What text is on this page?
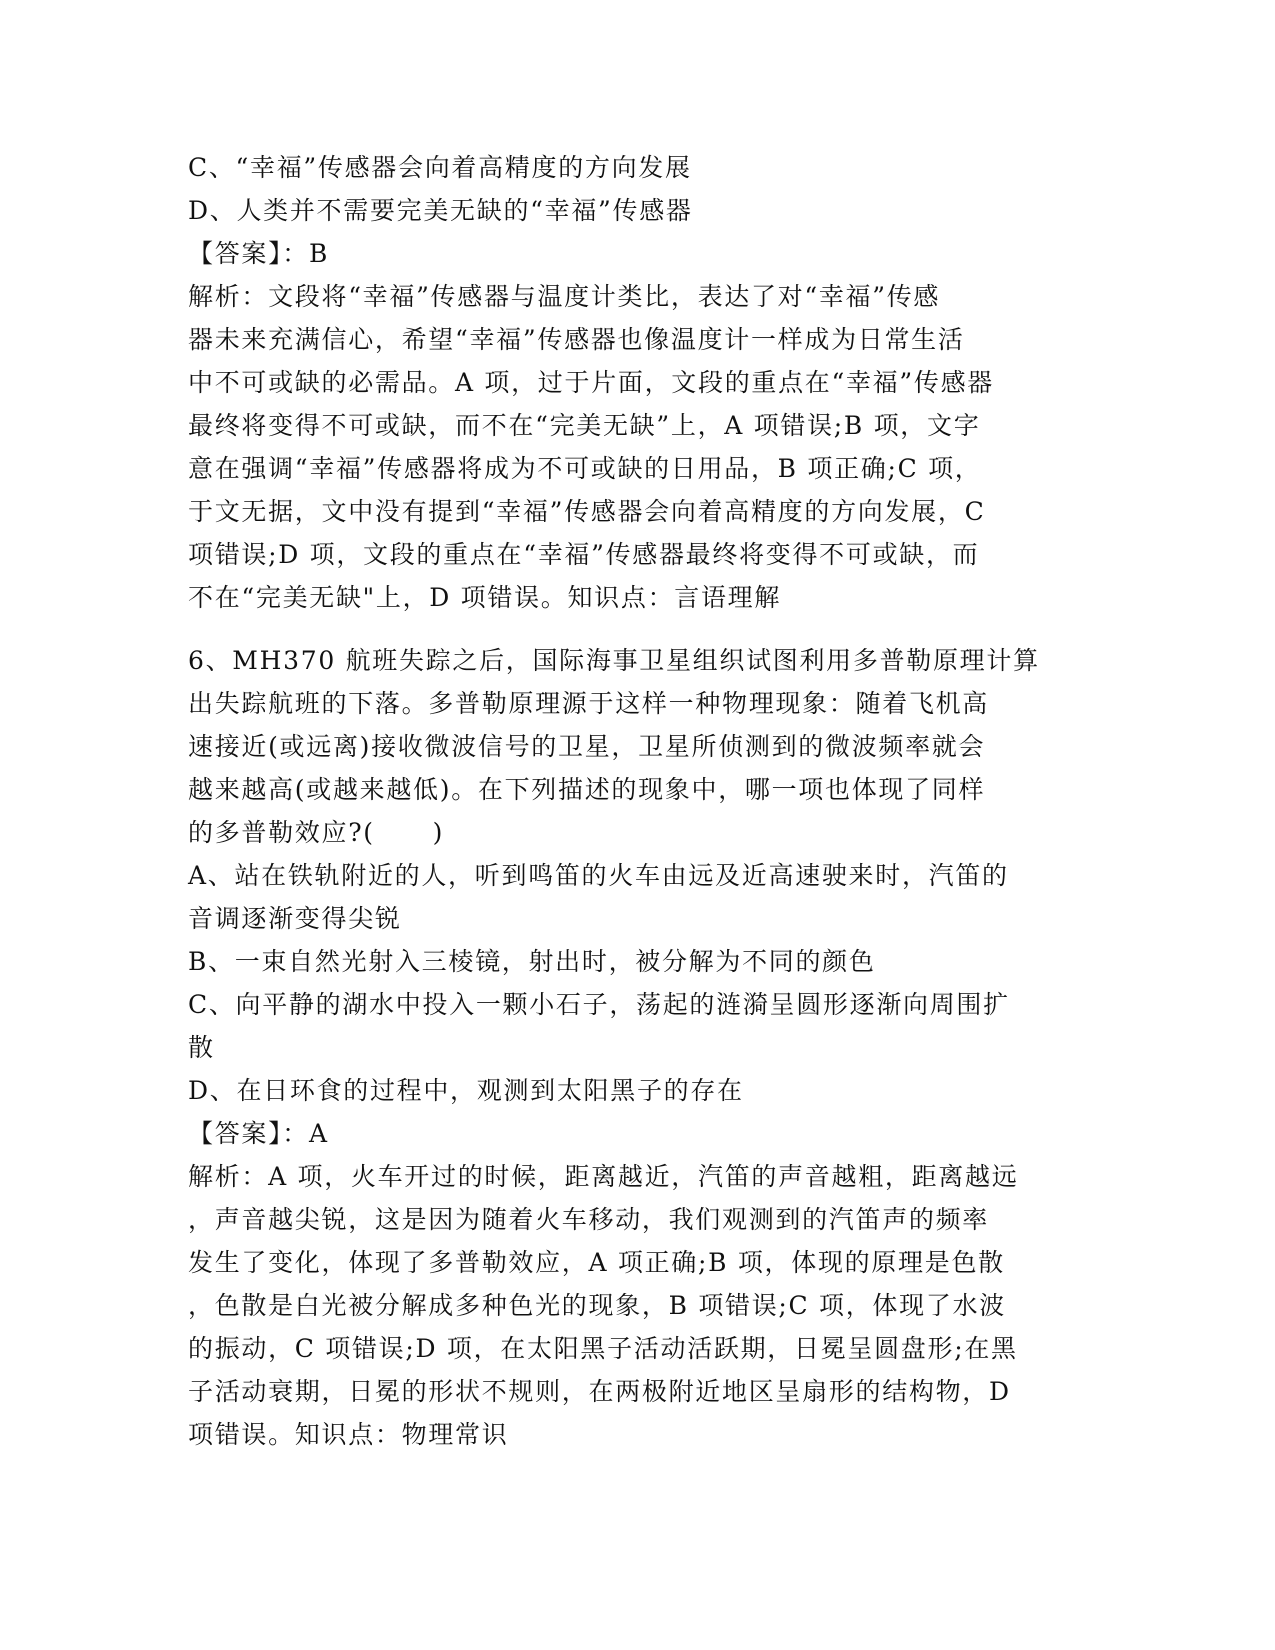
C、“幸福”传感器会向着高精度的方向发展
D、人类并不需要完美无缺的“幸福”传感器
【答案】：B
解析：文段将“幸福”传感器与温度计类比，表达了对“幸福”传感
器未来充满信心，希望“幸福”传感器也像温度计一样成为日常生活
中不可或缺的必需品。A 项，过于片面，文段的重点在“幸福”传感器
最终将变得不可或缺，而不在“完美无缺”上，A 项错误;B 项，文字
意在强调“幸福”传感器将成为不可或缺的日用品，B 项正确;C 项，
于文无据，文中没有提到“幸福”传感器会向着高精度的方向发展，C
项错误;D 项，文段的重点在“幸福”传感器最终将变得不可或缺，而
不在“完美无缺"上，D 项错误。知识点：言语理解
6、MH370 航班失踪之后，国际海事卫星组织试图利用多普勒原理计算
出失踪航班的下落。多普勒原理源于这样一种物理现象：随着飞机高
速接近(或远离)接收微波信号的卫星，卫星所侦测到的微波频率就会
越来越高(或越来越低)。在下列描述的现象中，哪一项也体现了同样
的多普勒效应?(      )
A、站在铁轨附近的人，听到鸣笛的火车由远及近高速驶来时，汽笛的
音调逐渐变得尖锐
B、一束自然光射入三棱镜，射出时，被分解为不同的颜色
C、向平静的湖水中投入一颗小石子，荡起的涟漪呈圆形逐渐向周围扩
散
D、在日环食的过程中，观测到太阳黑子的存在
【答案】：A
解析：A 项，火车开过的时候，距离越近，汽笛的声音越粗，距离越远
，声音越尖锐，这是因为随着火车移动，我们观测到的汽笛声的频率
发生了变化，体现了多普勒效应，A 项正确;B 项，体现的原理是色散
，色散是白光被分解成多种色光的现象，B 项错误;C 项，体现了水波
的振动，C 项错误;D 项，在太阳黑子活动活跃期，日冕呈圆盘形;在黑
子活动衰期，日冕的形状不规则，在两极附近地区呈扇形的结构物，D
项错误。知识点：物理常识
